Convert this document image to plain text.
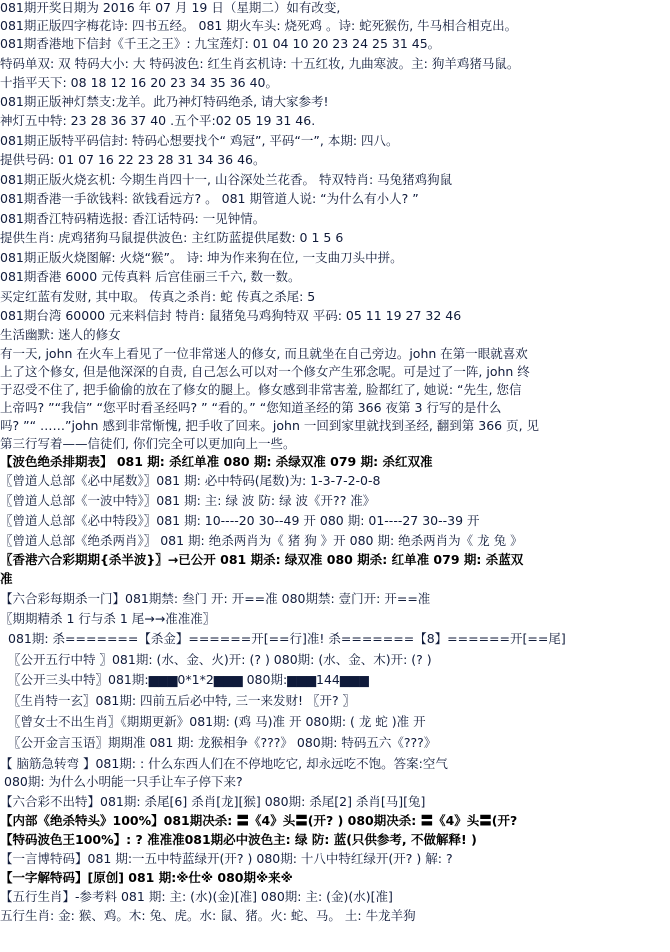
081期开奖日期为 2016 年 07 月 19 日（星期二）如有改变,
081期正版四字梅花诗: 四书五经。 081 期火车头: 烧死鸡 。诗: 蛇死猴伤, 牛马相合相克出。
081期香港地下信封《千王之王》: 九宝莲灯: 01 04 10 20 23 24 25 31 45。
特码单双: 双 特码大小: 大 特码波色: 红生肖玄机诗: 十五红妆, 九曲寒波。主: 狗羊鸡猪马鼠。
十指平天下: 08 18 12 16 20 23 34 35 36 40。
081期正版神灯禁支:龙羊。此乃神灯特码绝杀, 请大家参考!
神灯五中特: 23 28 36 37 40 .五个平:02 05 19 31 46.
081期正版特平码信封: 特码心想要找个“ 鸡冠”, 平码“一”, 本期: 四八。
提供号码: 01 07 16 22 23 28 31 34 36 46。
081期正版火烧玄机: 今期生肖四十一, 山谷深处兰花香。 特双特肖: 马兔猪鸡狗鼠
081期香港一手欲钱料: 欲钱看远方? 。 081 期管道人说: “为什么有小人? ”
081期香江特码精选报: 香江话特码: 一见钟情。
提供生肖: 虎鸡猪狗马鼠提供波色: 主红防蓝提供尾数: 0 1 5 6
081期正版火烧图解: 火烧“猴”。 诗: 坤为作来狗在位, 一支曲刀头中拼。
081期香港 6000 元传真料 后宫佳丽三千六, 数一数。
买定红蓝有发财, 其中取。 传真之杀肖: 蛇 传真之杀尾: 5
081期台湾 60000 元来料信封 特肖: 鼠猪兔马鸡狗特双 平码: 05 11 19 27 32 46
生活幽默: 迷人的修女
有一天, john 在火车上看见了一位非常迷人的修女, 而且就坐在自己旁边。john 在第一眼就喜欢
上了这个修女, 但是他深深的自责, 自己怎么可以对一个修女产生邪念呢。可是过了一阵, john 终
于忍受不住了, 把手偷偷的放在了修女的腿上。修女感到非常害羞, 脸都红了, 她说: “先生, 您信
上帝吗? ”“我信” “您平时看圣经吗? ” “看的。” “您知道圣经的第 366 夜第 3 行写的是什么
吗? ”“ ……”john 感到非常惭愧, 把手收了回来。john 一回到家里就找到圣经, 翻到第 366 页, 见
第三行写着——信徒们, 你们完全可以更加向上一些。
【波色绝杀排期表】 081 期: 杀红单准 080 期: 杀绿双准 079 期: 杀红双准
〖曾道人总部《必中尾数》〗081 期: 必中特码(尾数)为: 1-3-7-2-0-8
〖曾道人总部《一波中特》〗081 期: 主: 绿 波 防: 绿 波《开?? 准》
〖曾道人总部《必中特段》〗081 期: 10----20 30--49 开 080 期: 01----27 30--39 开
〖曾道人总部《绝杀两肖》〗 081 期: 绝杀两肖为《 猪 狗 》开 080 期: 绝杀两肖为《 龙 兔 》
〖香港六合彩期期{杀半波}〗→已公开 081 期杀: 绿双准 080 期杀: 红单准 079 期: 杀蓝双
准
【六合彩每期杀一门】081期禁: 叁门 开: 开==准 080期禁: 壹门开: 开==准
〖期期精杀 1 行与杀 1 尾→→准准准〗
081期: 杀=======【杀金】======开[==行]准! 杀=======【8】======开[==尾]
〖公开五行中特 〗081期: (水、金、火)开: (? ) 080期: (水、金、木)开: (? )
〖公开三头中特〗081期:▆▆▆0*1*2▆▆▆ 080期:▆▆▆144▆▆▆
〖生肖特一玄〗081期: 四前五后必中特, 三一来发财! 〖开? 〗
〖曾女士不出生肖〗《期期更新》081期: (鸡 马)准 开 080期: ( 龙 蛇 )准 开
〖公开金言玉语〗期期准 081 期: 龙猴相争《???》 080期: 特码五六《???》
【 脑筋急转弯 】081期: : 什么东西人们在不停地吃它, 却永远吃不饱。答案:空气
080期: 为什么小明能一只手让车子停下来?
【六合彩不出特】081期: 杀尾[6] 杀肖[龙][猴] 080期: 杀尾[2] 杀肖[马][兔]
【内部《绝杀特头》100%】081期决杀: 〓《4》头〓(开? ) 080期决杀: 〓《4》头〓(开?
【特码波色王100%】: ? 准准准081期必中波色主: 绿 防: 蓝(只供参考, 不做解释! )
【一言博特码】081 期:一五中特蓝绿开(开? ) 080期: 十八中特红绿开(开? ) 解: ?
【一字解特码】[原创] 081 期:※仕※ 080期※来※
【五行生肖】-参考料 081 期: 主: (水)(金)[准] 080期: 主: (金)(水)[准]
五行生肖: 金: 猴、鸡。木: 兔、虎。水: 鼠、猪。火: 蛇、马。 土: 牛龙羊狗
